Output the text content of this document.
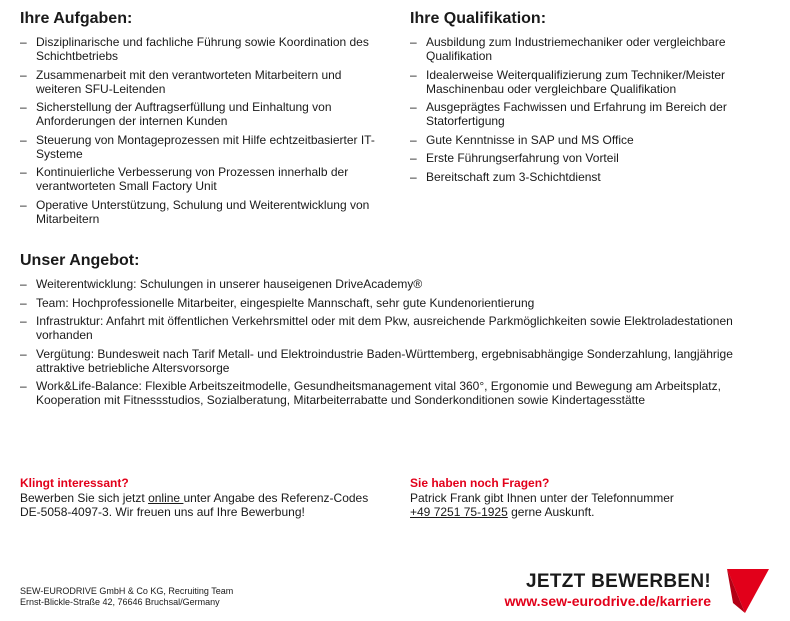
Ihre Aufgaben:
– Disziplinarische und fachliche Führung sowie Koordination des Schichtbetriebs
– Zusammenarbeit mit den verantworteten Mitarbeitern und weiteren SFU-Leitenden
– Sicherstellung der Auftragserfüllung und Einhaltung von Anforderungen der internen Kunden
– Steuerung von Montageprozessen mit Hilfe echtzeitbasierter IT-Systeme
– Kontinuierliche Verbesserung von Prozessen innerhalb der verantworteten Small Factory Unit
– Operative Unterstützung, Schulung und Weiterentwicklung von Mitarbeitern
Ihre Qualifikation:
– Ausbildung zum Industriemechaniker oder vergleichbare Qualifikation
– Idealerweise Weiterqualifizierung zum Techniker/Meister Maschinenbau oder vergleichbare Qualifikation
– Ausgeprägtes Fachwissen und Erfahrung im Bereich der Statorfertigung
– Gute Kenntnisse in SAP und MS Office
– Erste Führungserfahrung von Vorteil
– Bereitschaft zum 3-Schichtdienst
Unser Angebot:
– Weiterentwicklung: Schulungen in unserer hauseigenen DriveAcademy®
– Team: Hochprofessionelle Mitarbeiter, eingespielte Mannschaft, sehr gute Kundenorientierung
– Infrastruktur: Anfahrt mit öffentlichen Verkehrsmittel oder mit dem Pkw, ausreichende Parkmöglichkeiten sowie Elektroladestationen vorhanden
– Vergütung: Bundesweit nach Tarif Metall- und Elektroindustrie Baden-Württemberg, ergebnisabhängige Sonderzahlung, langjährige attraktive betriebliche Altersvorsorge
– Work&Life-Balance: Flexible Arbeitszeitmodelle, Gesundheitsmanagement vital 360°, Ergonomie und Bewegung am Arbeitsplatz, Kooperation mit Fitnessstudios, Sozialberatung, Mitarbeiterrabatte und Sonderkonditionen sowie Kindertagesstätte
Klingt interessant?
Bewerben Sie sich jetzt online unter Angabe des Referenz-Codes DE-5058-4097-3. Wir freuen uns auf Ihre Bewerbung!
Sie haben noch Fragen?
Patrick Frank gibt Ihnen unter der Telefonnummer
+49 7251 75-1925 gerne Auskunft.
SEW-EURODRIVE GmbH & Co KG, Recruiting Team
Ernst-Blickle-Straße 42, 76646 Bruchsal/Germany
JETZT BEWERBEN!
www.sew-eurodrive.de/karriere
